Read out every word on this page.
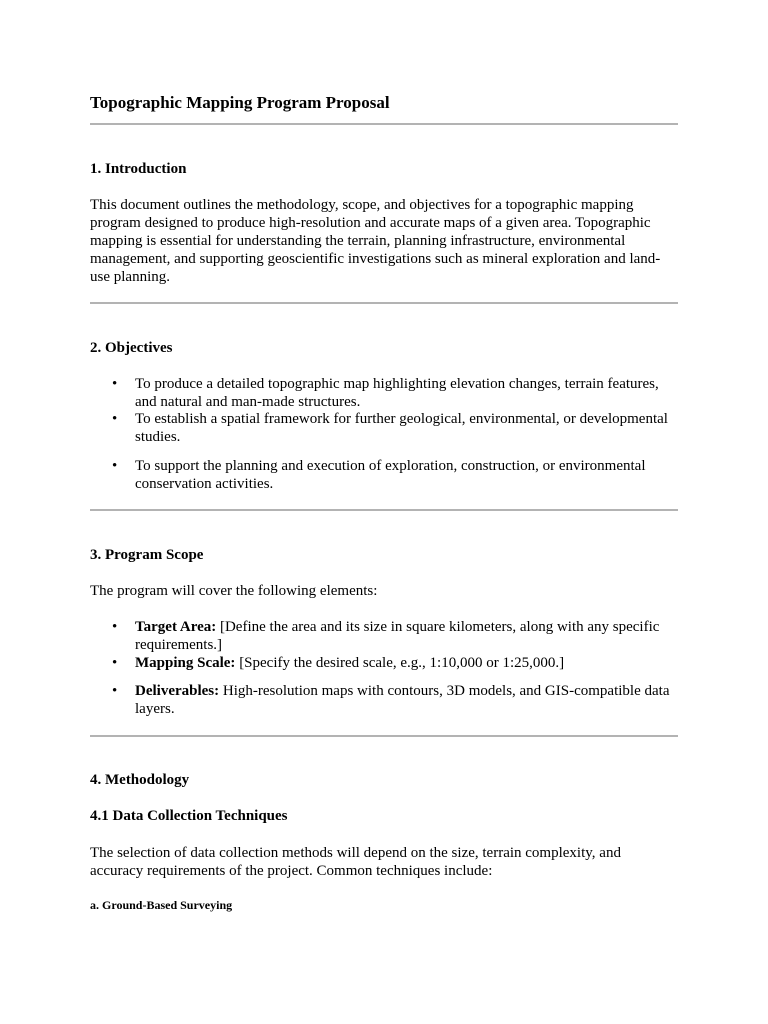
Topographic Mapping Program Proposal
1. Introduction
This document outlines the methodology, scope, and objectives for a topographic mapping program designed to produce high-resolution and accurate maps of a given area. Topographic mapping is essential for understanding the terrain, planning infrastructure, environmental management, and supporting geoscientific investigations such as mineral exploration and land-use planning.
2. Objectives
•	To produce a detailed topographic map highlighting elevation changes, terrain features, and natural and man-made structures.
•	To establish a spatial framework for further geological, environmental, or developmental studies.
•	To support the planning and execution of exploration, construction, or environmental conservation activities.
3. Program Scope
The program will cover the following elements:
•	Target Area: [Define the area and its size in square kilometers, along with any specific requirements.]
•	Mapping Scale: [Specify the desired scale, e.g., 1:10,000 or 1:25,000.]
•	Deliverables: High-resolution maps with contours, 3D models, and GIS-compatible data layers.
4. Methodology
4.1 Data Collection Techniques
The selection of data collection methods will depend on the size, terrain complexity, and accuracy requirements of the project. Common techniques include:
a. Ground-Based Surveying
